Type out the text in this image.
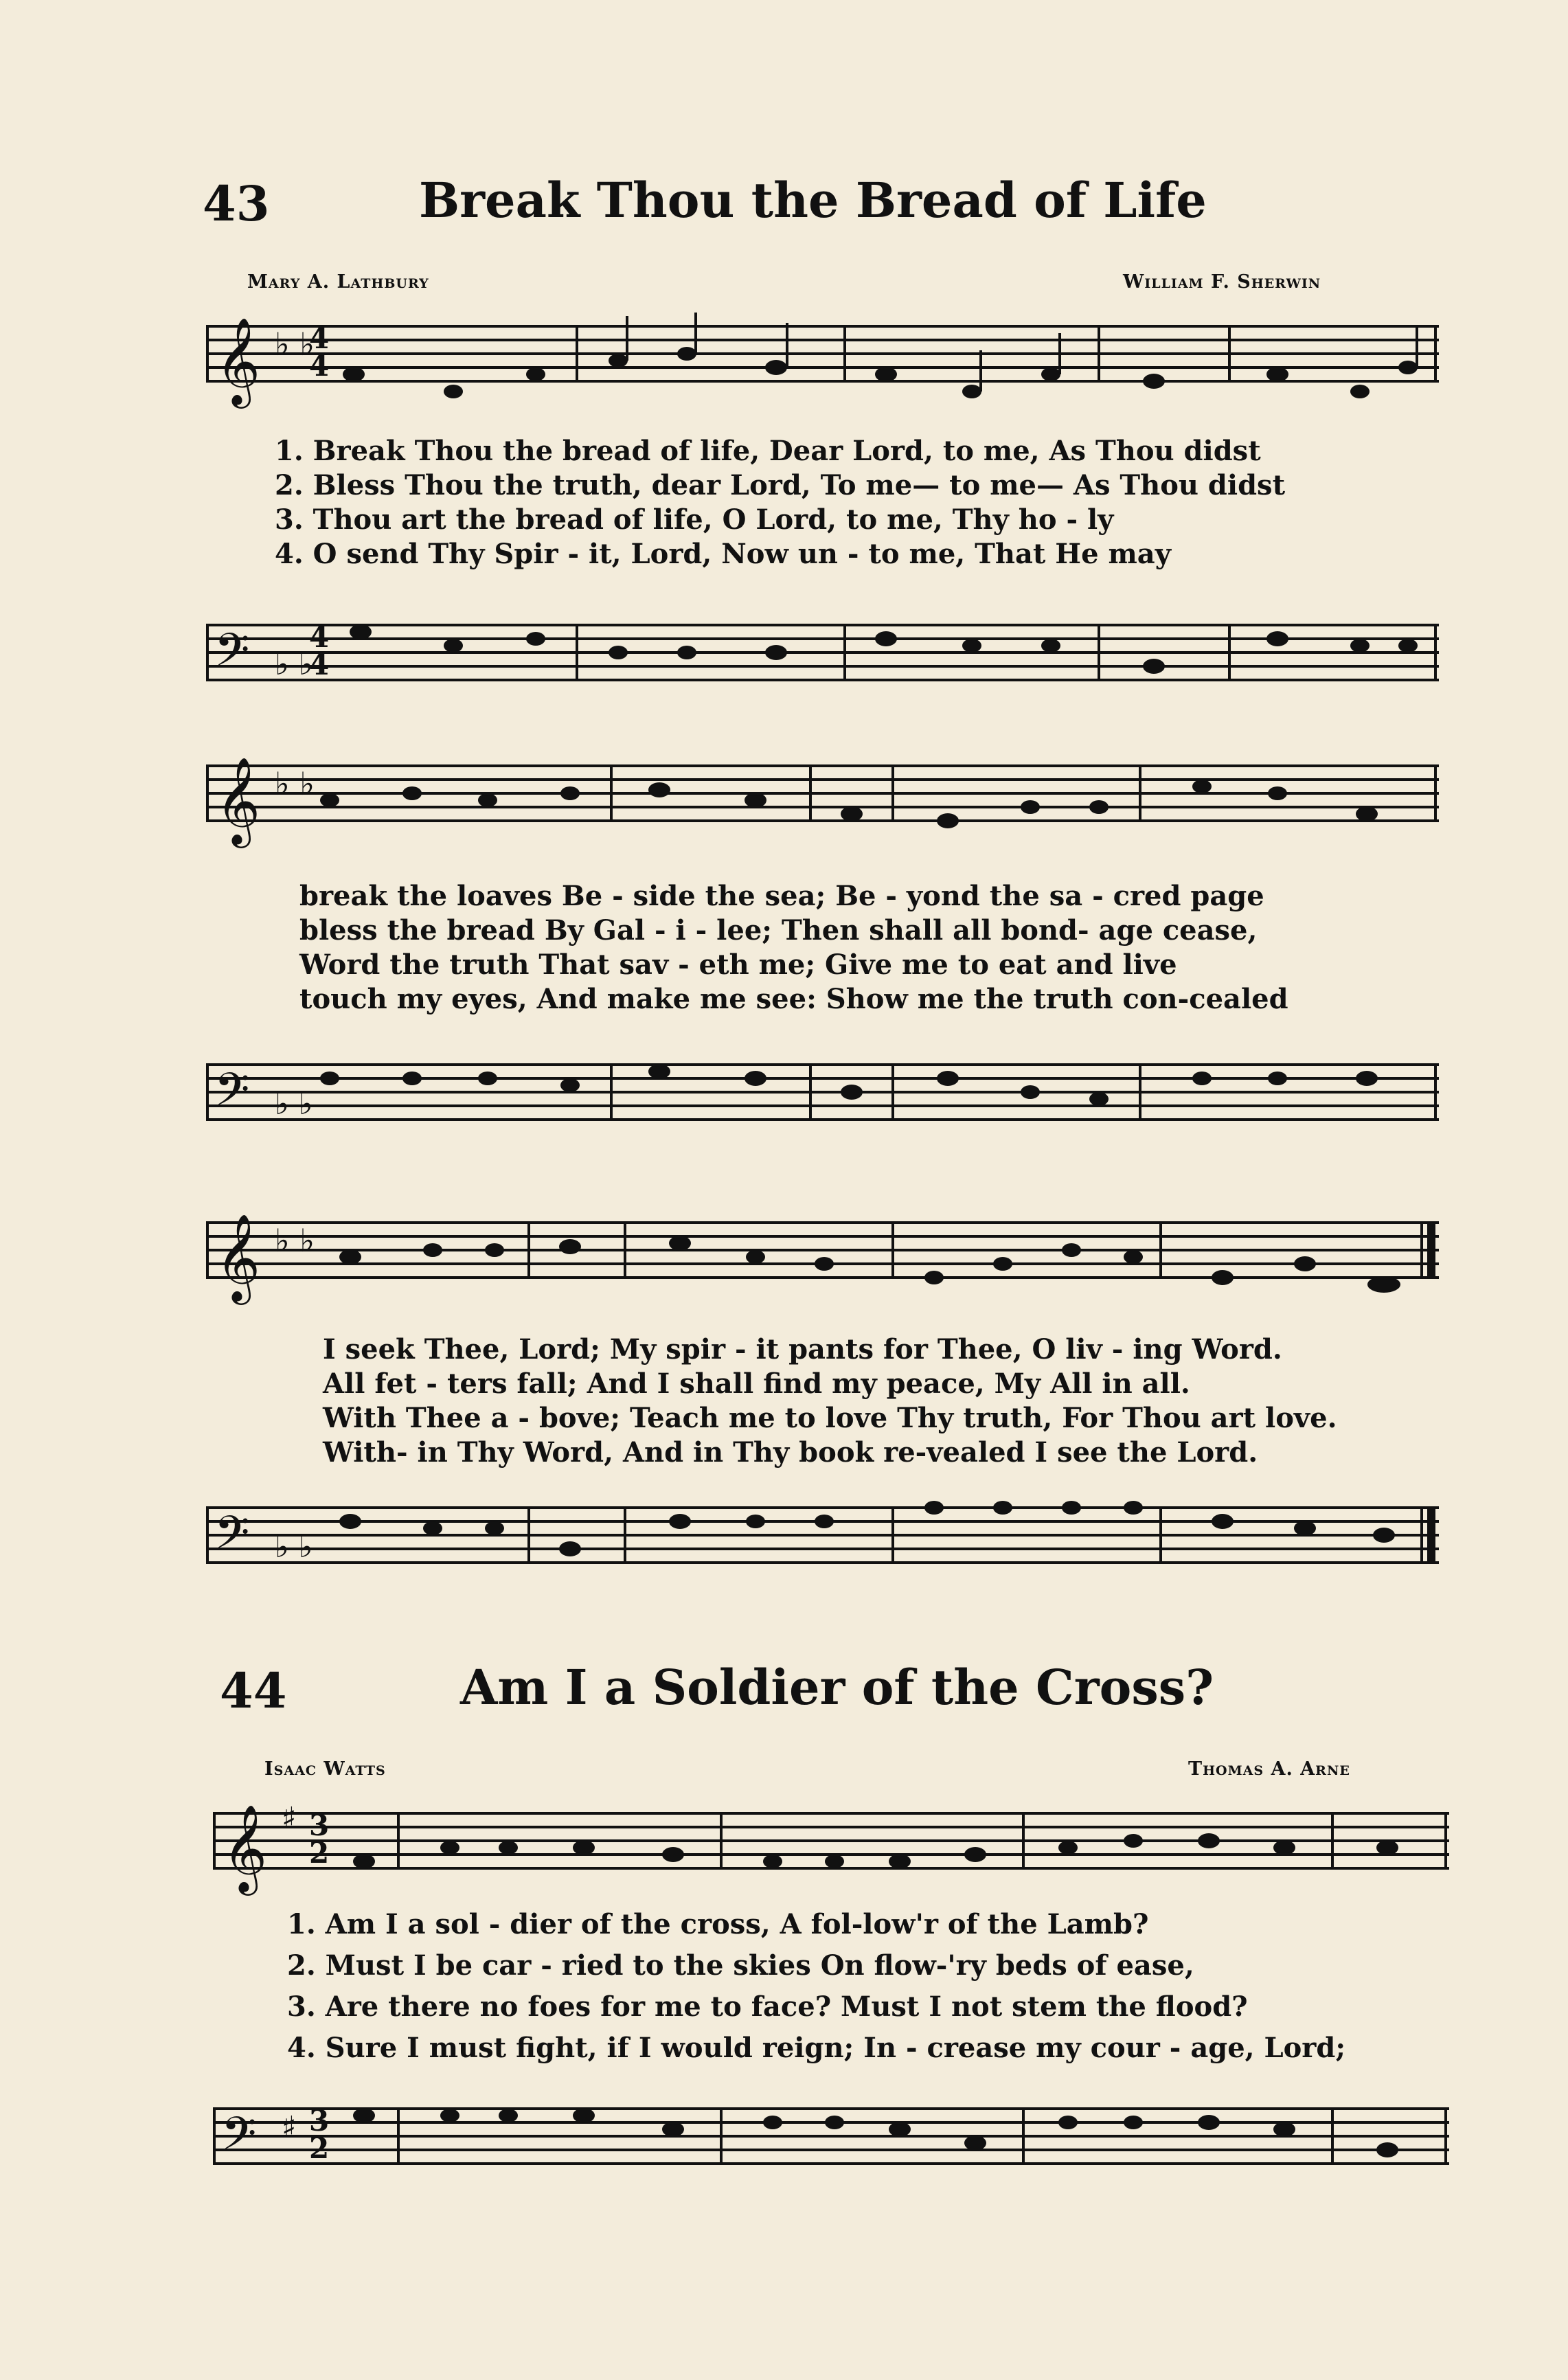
43	Break Thou the Bread of Life
Mary A. Lathbury	William F. Sherwin
𝄞 ♭ ♭
4
4
1. Break Thou the bread of life, Dear Lord, to me, As Thou didst
2. Bless Thou the truth, dear Lord, To me— to me— As Thou didst
3. Thou art the bread of life, O Lord, to me, Thy ho - ly
4. O send Thy Spir - it, Lord, Now un - to me, That He may
𝄢 ♭ ♭
4
4
𝄞 ♭ ♭
break the loaves Be - side the sea; Be - yond the sa - cred page
bless the bread By Gal - i - lee; Then shall all bond- age cease,
Word the truth That sav - eth me; Give me to eat and live
touch my eyes, And make me see: Show me the truth con-cealed
𝄢 ♭ ♭
𝄞 ♭ ♭
I seek Thee, Lord; My spir - it pants for Thee, O liv - ing Word.
All fet - ters fall; And I shall find my peace, My All in all.
With Thee a - bove; Teach me to love Thy truth, For Thou art love.
With- in Thy Word, And in Thy book re-vealed I see the Lord.
𝄢 ♭ ♭
44	Am I a Soldier of the Cross?
Isaac Watts	Thomas A. Arne
𝄞 ♯ 3
2
1. Am I a sol - dier of the cross, A fol-low'r of the Lamb?
2. Must I be car - ried to the skies On flow-'ry beds of ease,
3. Are there no foes for me to face? Must I not stem the flood?
4. Sure I must fight, if I would reign; In - crease my cour - age, Lord;
𝄢 ♯ 3
2
